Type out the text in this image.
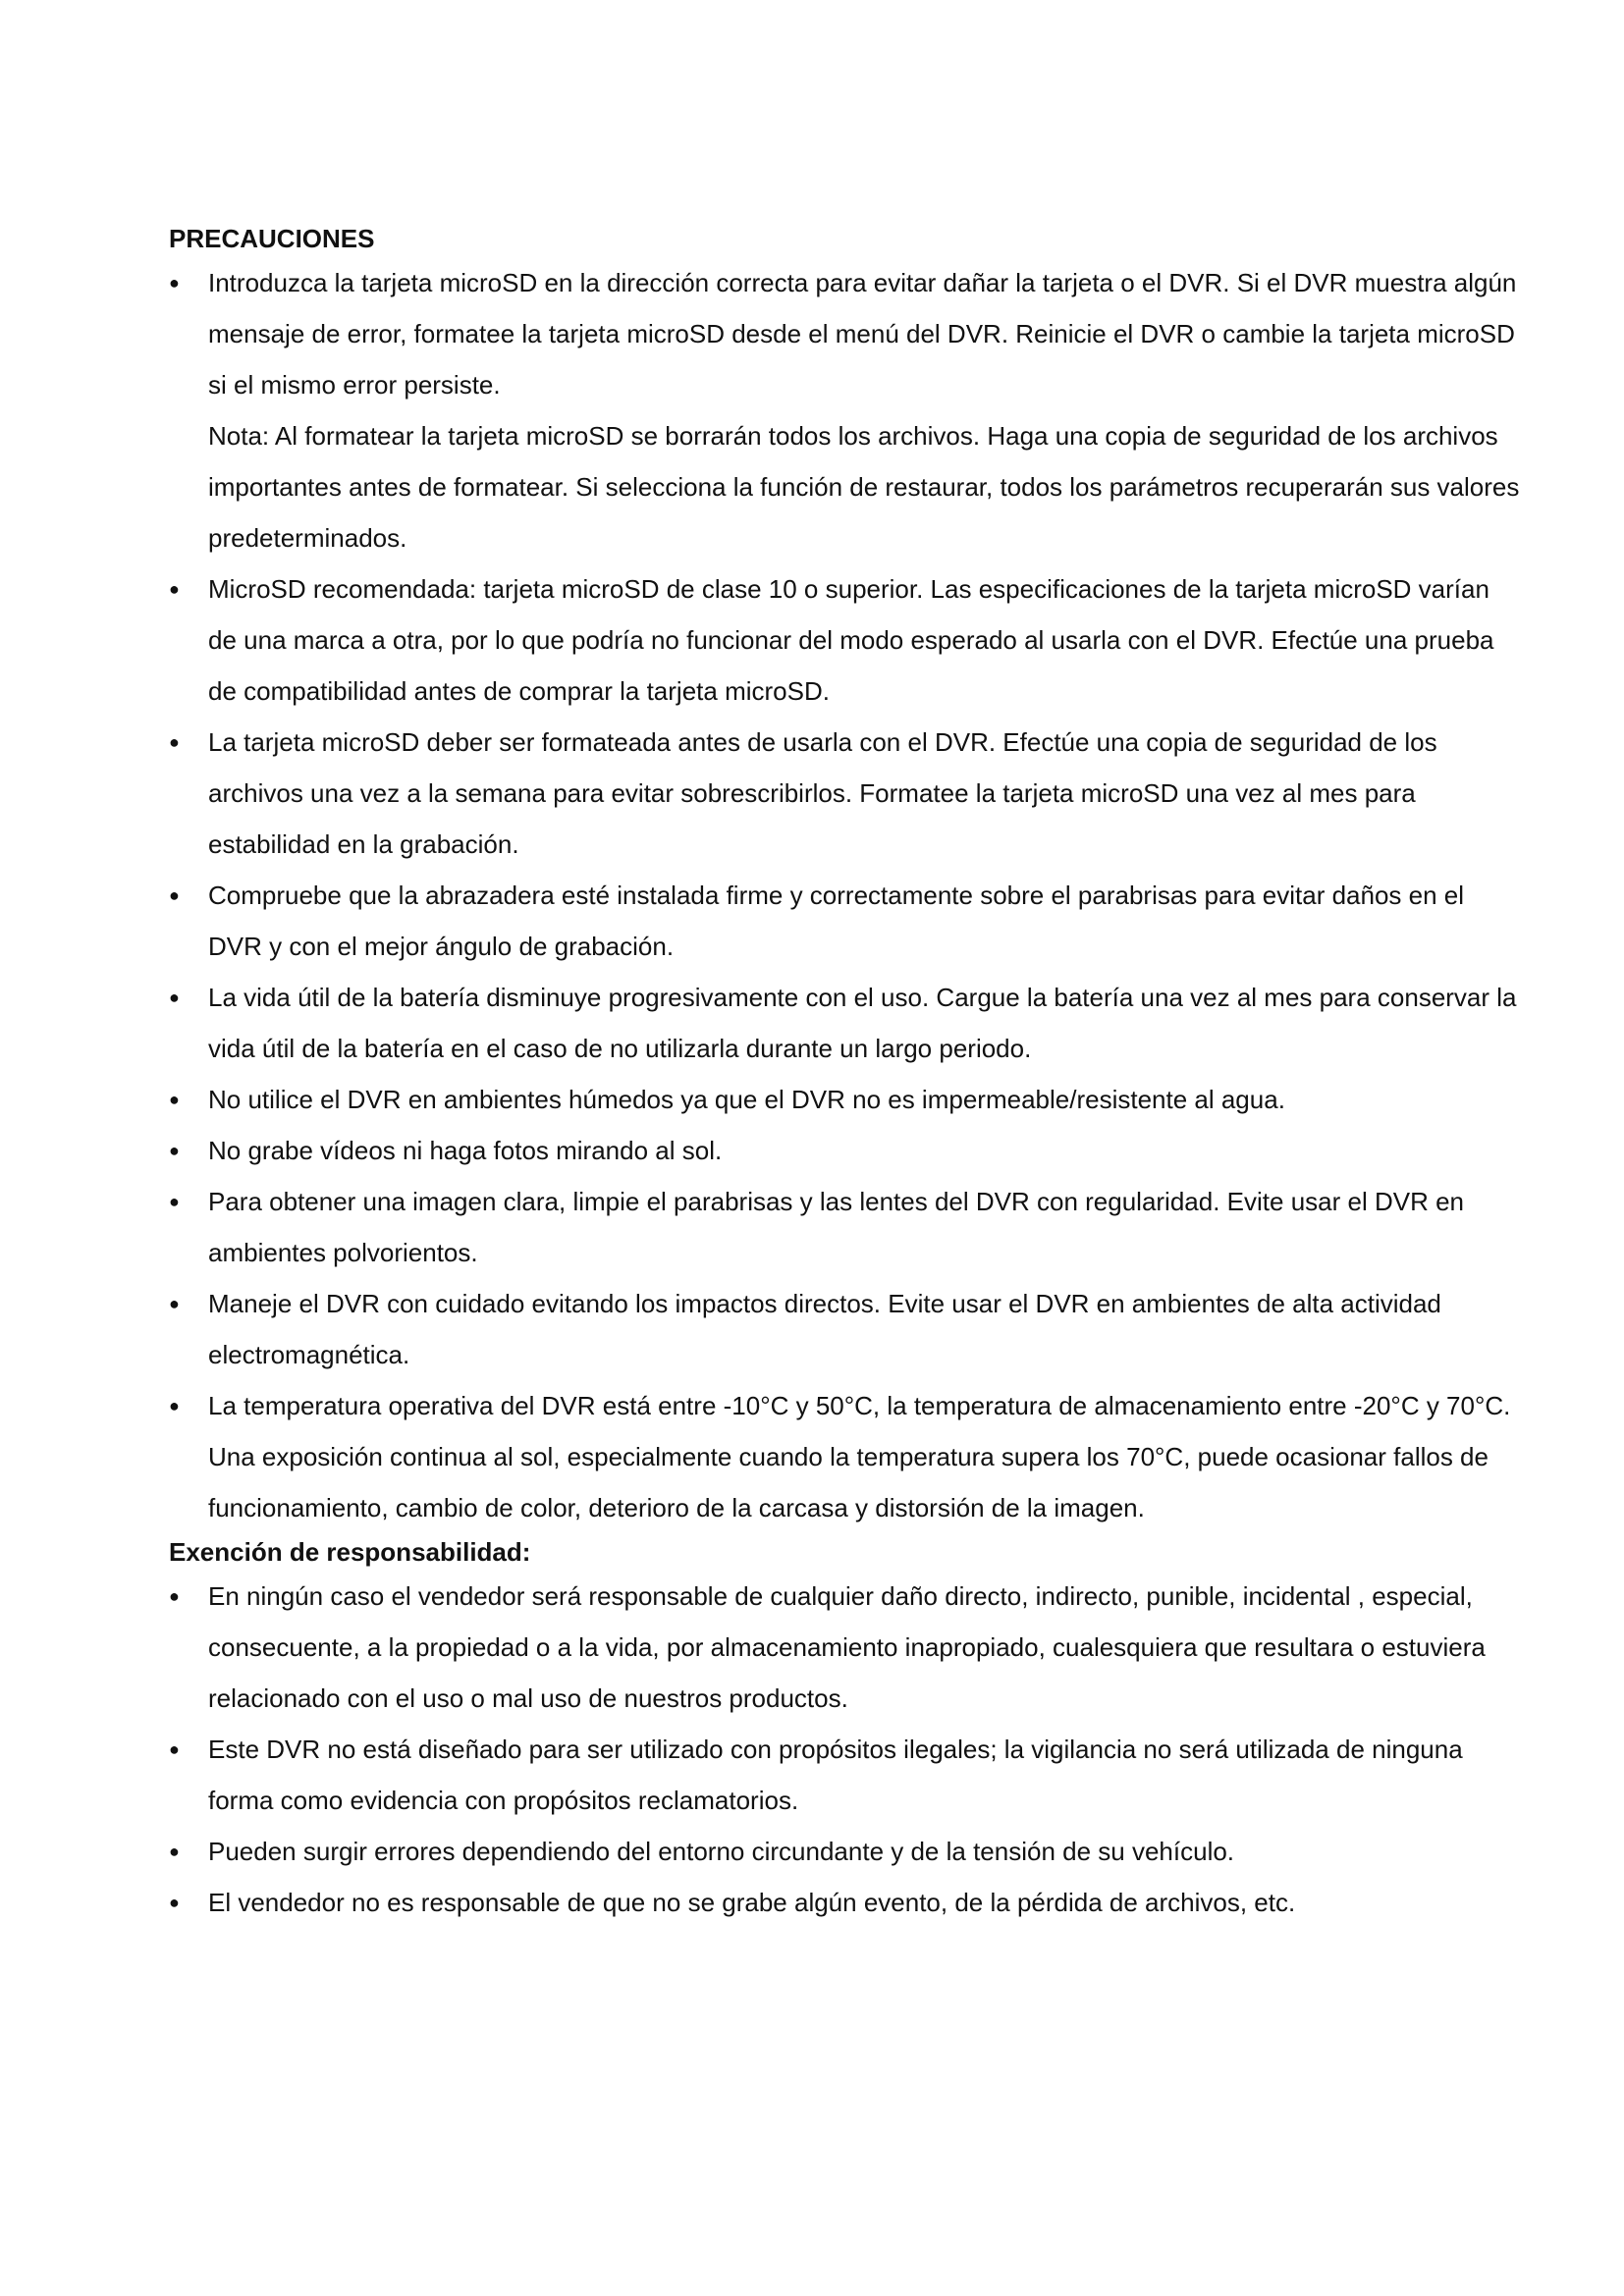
PRECAUCIONES
●	Introduzca la tarjeta microSD en la dirección correcta para evitar dañar la tarjeta o el DVR. Si el DVR muestra algún mensaje de error, formatee la tarjeta microSD desde el menú del DVR. Reinicie el DVR o cambie la tarjeta microSD si el mismo error persiste.
Nota: Al formatear la tarjeta microSD se borrarán todos los archivos. Haga una copia de seguridad de los archivos importantes antes de formatear. Si selecciona la función de restaurar, todos los parámetros recuperarán sus valores predeterminados.
●	MicroSD recomendada: tarjeta microSD de clase 10 o superior. Las especificaciones de la tarjeta microSD varían de una marca a otra, por lo que podría no funcionar del modo esperado al usarla con el DVR. Efectúe una prueba de compatibilidad antes de comprar la tarjeta microSD.
●	La tarjeta microSD deber ser formateada antes de usarla con el DVR. Efectúe una copia de seguridad de los archivos una vez a la semana para evitar sobrescribirlos. Formatee la tarjeta microSD una vez al mes para estabilidad en la grabación.
●	Compruebe que la abrazadera esté instalada firme y correctamente sobre el parabrisas para evitar daños en el DVR y con el mejor ángulo de grabación.
●	La vida útil de la batería disminuye progresivamente con el uso. Cargue la batería una vez al mes para conservar la vida útil de la batería en el caso de no utilizarla durante un largo periodo.
●	No utilice el DVR en ambientes húmedos ya que el DVR no es impermeable/resistente al agua.
●	No grabe vídeos ni haga fotos mirando al sol.
●	Para obtener una imagen clara, limpie el parabrisas y las lentes del DVR con regularidad. Evite usar el DVR en ambientes polvorientos.
●	Maneje el DVR con cuidado evitando los impactos directos. Evite usar el DVR en ambientes de alta actividad electromagnética.
●	La temperatura operativa del DVR está entre -10°C y 50°C, la temperatura de almacenamiento entre -20°C y 70°C. Una exposición continua al sol, especialmente cuando la temperatura supera los 70°C, puede ocasionar fallos de funcionamiento, cambio de color, deterioro de la carcasa y distorsión de la imagen.
Exención de responsabilidad:
●	En ningún caso el vendedor será responsable de cualquier daño directo, indirecto, punible, incidental , especial, consecuente, a la propiedad o a la vida, por almacenamiento inapropiado, cualesquiera que resultara o estuviera relacionado con el uso o mal uso de nuestros productos.
●	Este DVR no está diseñado para ser utilizado con propósitos ilegales; la vigilancia no será utilizada de ninguna forma como evidencia con propósitos reclamatorios.
●	Pueden surgir errores dependiendo del entorno circundante y de la tensión de su vehículo.
●	El vendedor no es responsable de que no se grabe algún evento, de la pérdida de archivos, etc.
